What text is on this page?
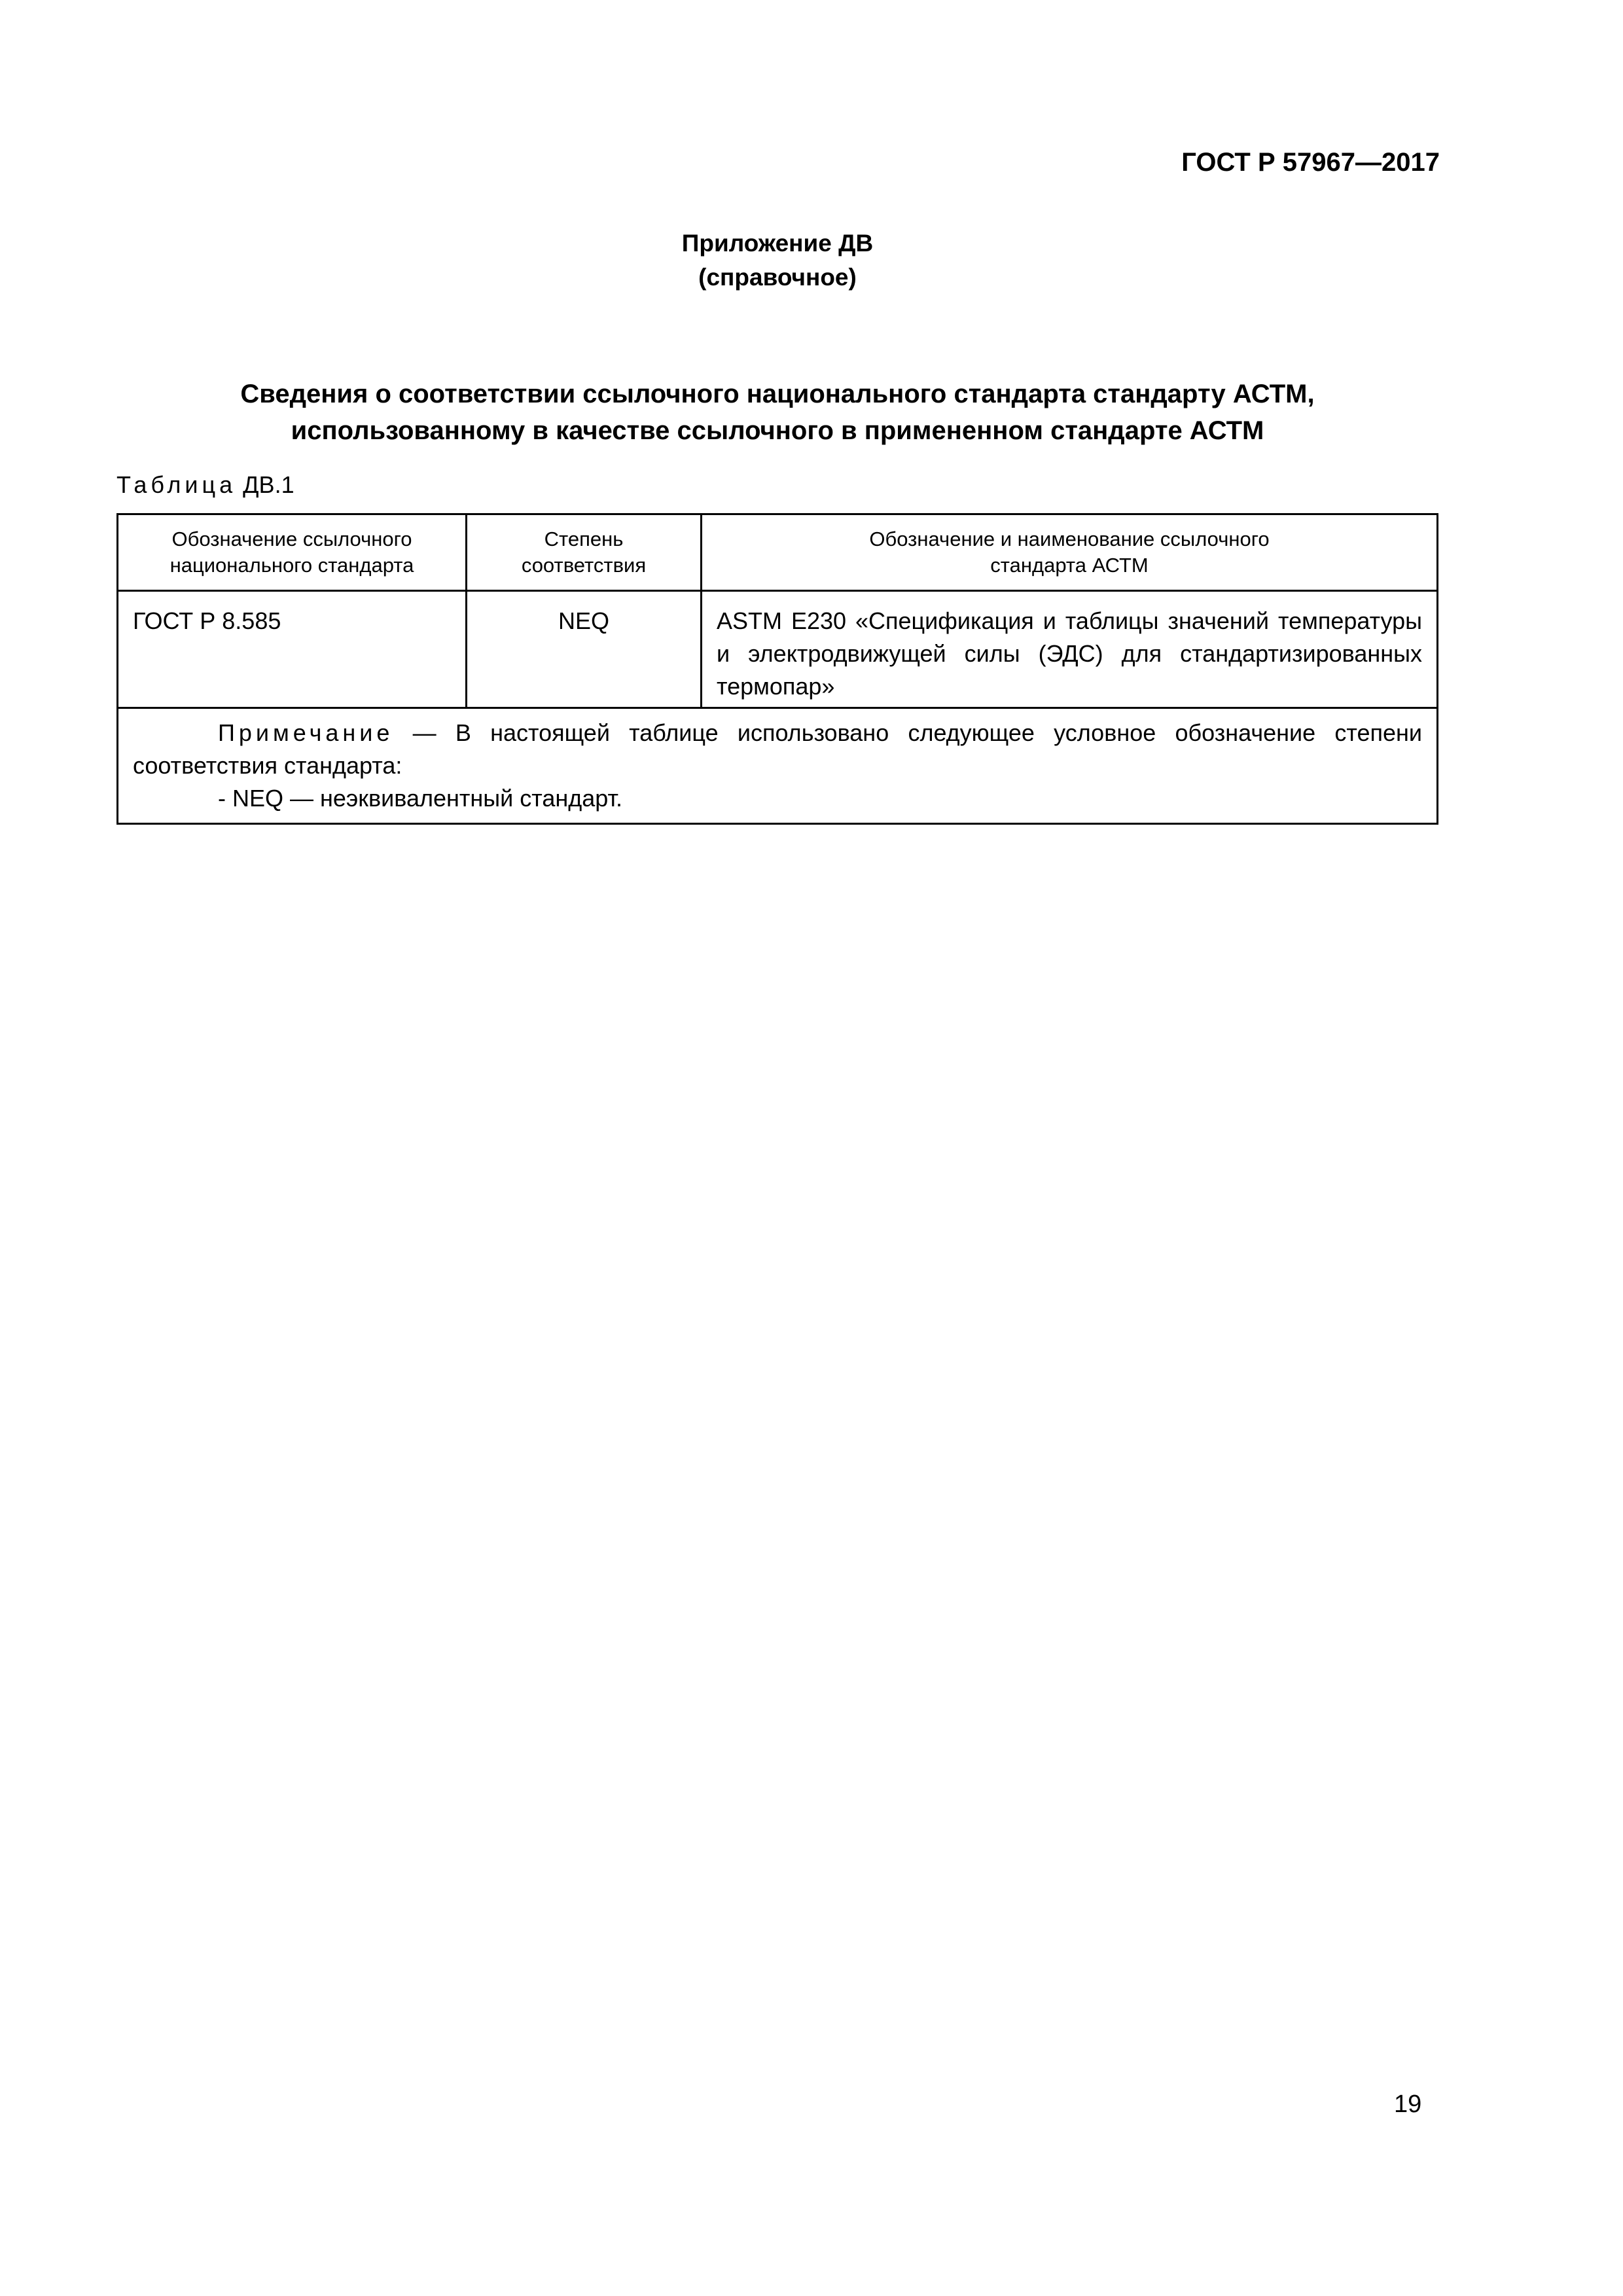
ГОСТ Р 57967—2017
Приложение ДВ
(справочное)
Сведения о соответствии ссылочного национального стандарта стандарту АСТМ,
использованному в качестве ссылочного в примененном стандарте АСТМ
Таблица ДВ.1
Обозначение ссылочного национального стандарта	Степень соответствия	Обозначение и наименование ссылочного стандарта АСТМ

ГОСТ Р 8.585	NEQ	ASTM E230 «Спецификация и таблицы значений температуры и электродвижущей силы (ЭДС) для стандартизированных термопар»

Примечание — В настоящей таблице использовано следующее условное обозначение степени соответствия стандарта:
- NEQ — неэквивалентный стандарт.		
19
